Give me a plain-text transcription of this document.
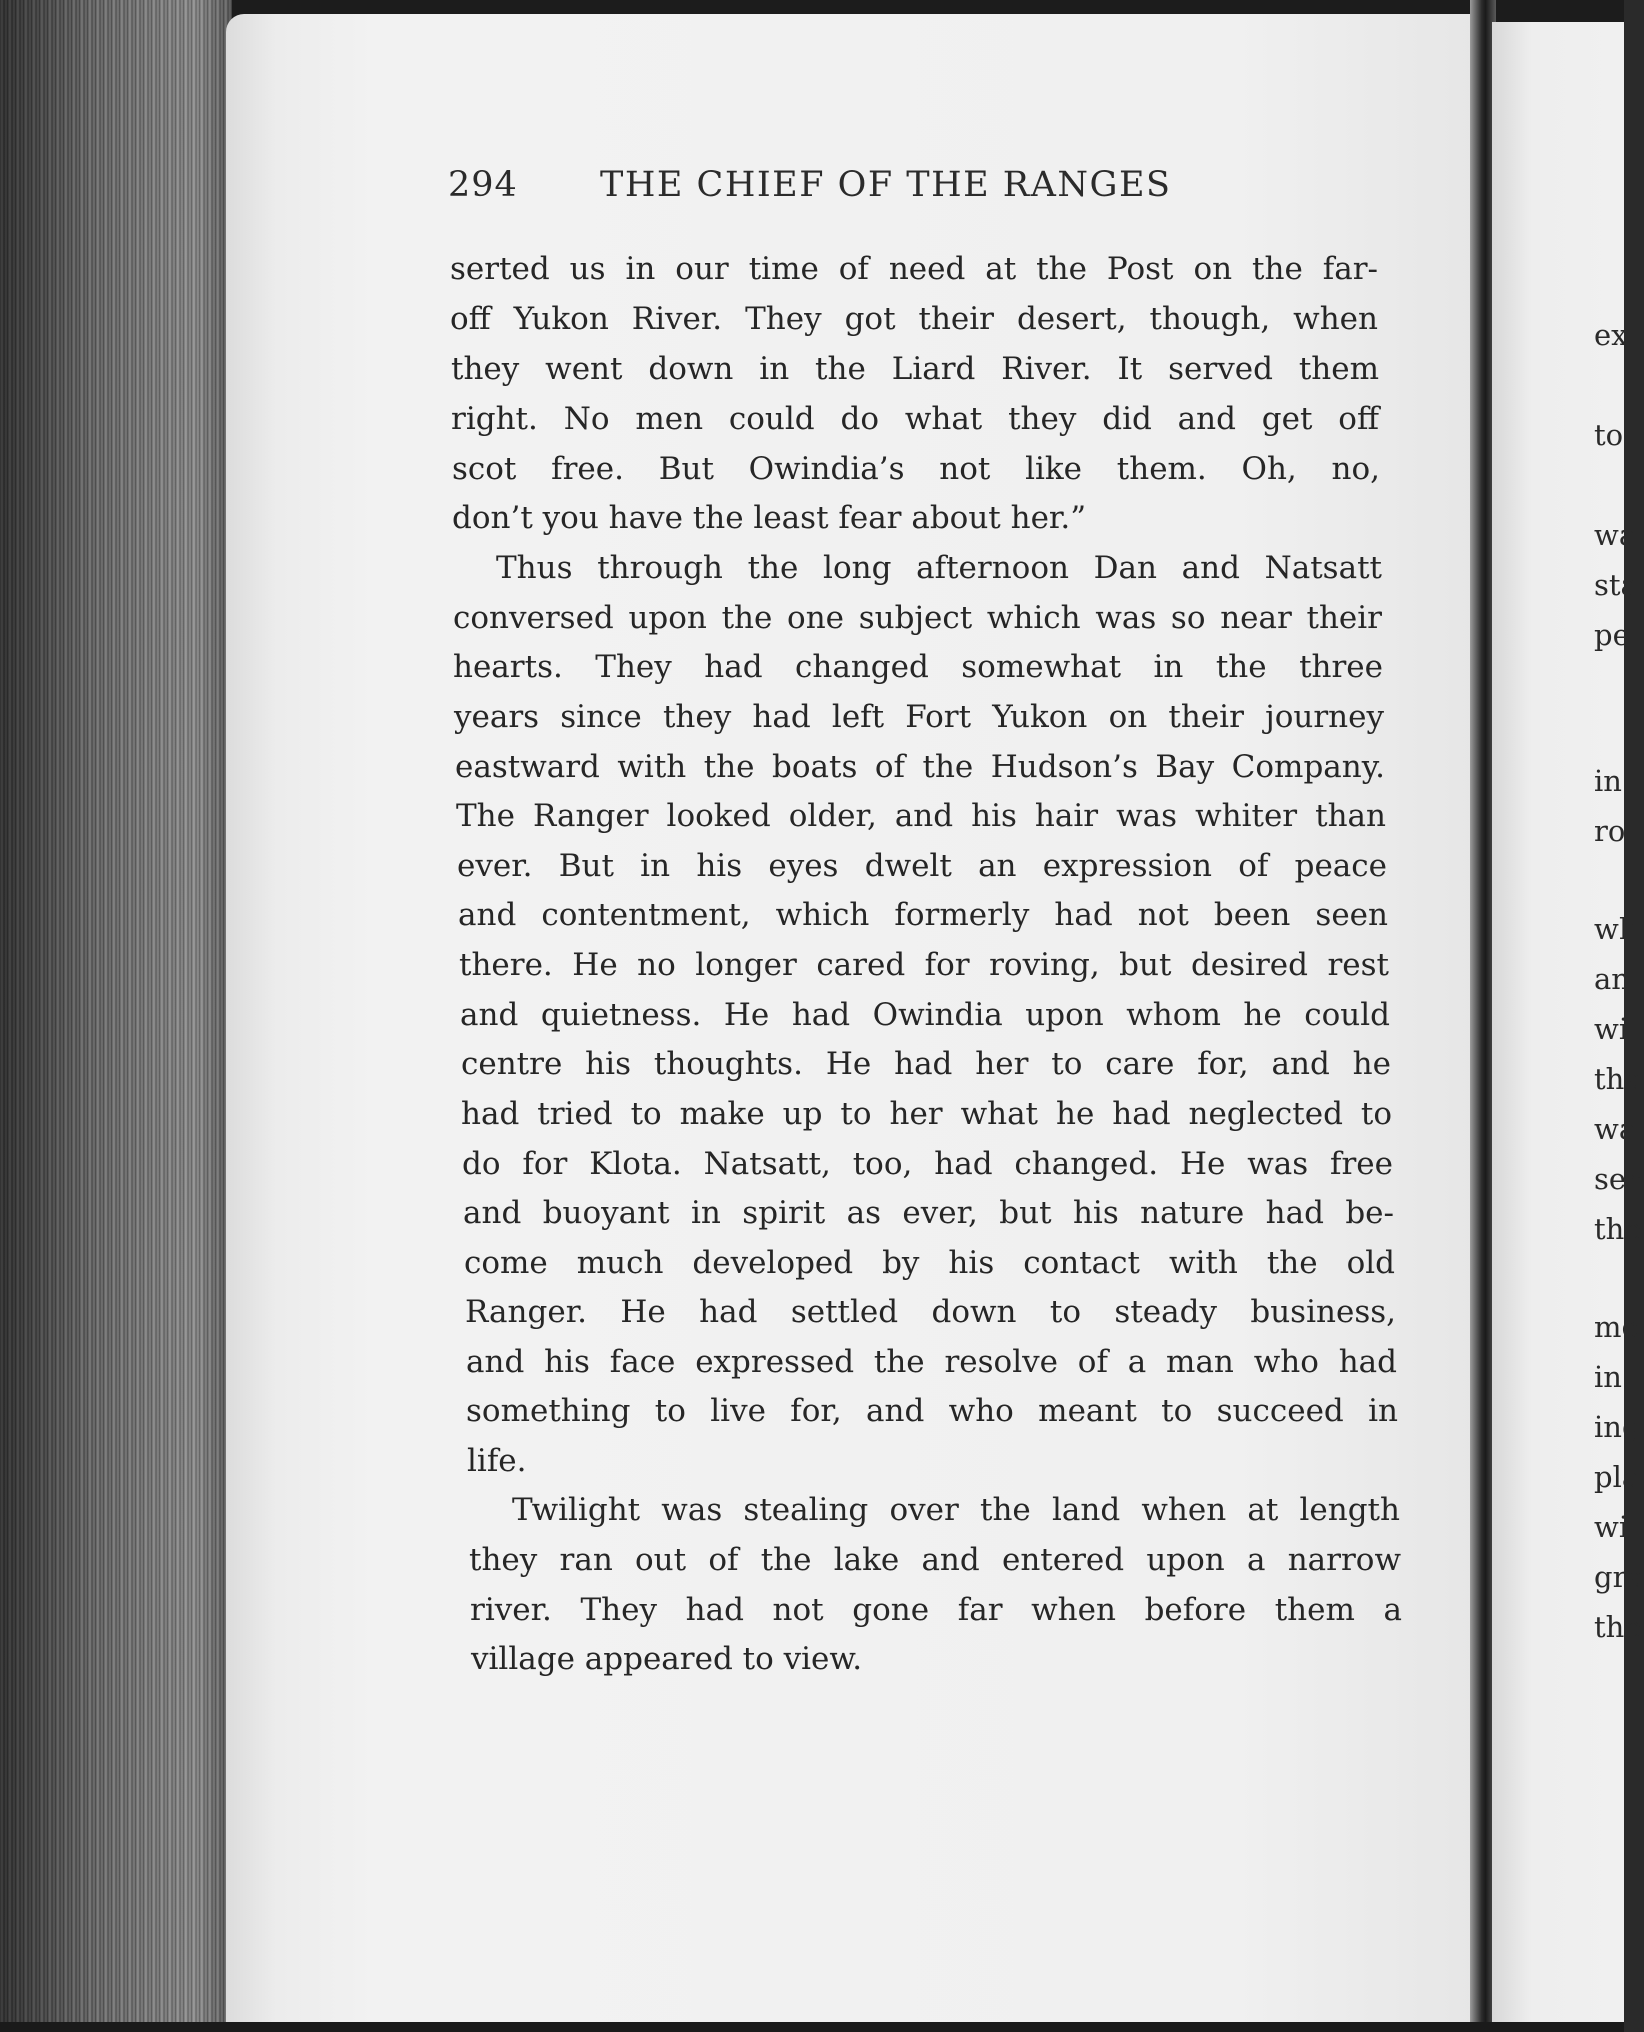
294 THE CHIEF OF THE RANGES
serted us in our time of need at the Post on the far-
off Yukon River. They got their desert, though, when
they went down in the Liard River. It served them
right. No men could do what they did and get off
scot free. But Owindia’s not like them. Oh, no,
don’t you have the least fear about her.”
Thus through the long afternoon Dan and Natsatt
conversed upon the one subject which was so near their
hearts. They had changed somewhat in the three
years since they had left Fort Yukon on their journey
eastward with the boats of the Hudson’s Bay Company.
The Ranger looked older, and his hair was whiter than
ever. But in his eyes dwelt an expression of peace
and contentment, which formerly had not been seen
there. He no longer cared for roving, but desired rest
and quietness. He had Owindia upon whom he could
centre his thoughts. He had her to care for, and he
had tried to make up to her what he had neglected to
do for Klota. Natsatt, too, had changed. He was free
and buoyant in spirit as ever, but his nature had be-
come much developed by his contact with the old
Ranger. He had settled down to steady business,
and his face expressed the resolve of a man who had
something to live for, and who meant to succeed in
life.
Twilight was stealing over the land when at length
they ran out of the lake and entered upon a narrow
river. They had not gone far when before them a
village appeared to view.
ex
to
wa
sta
pe
in
ro
wh
an
wi
tha
wa
ser
the
me
in
ing
pla
wi
gra
the
